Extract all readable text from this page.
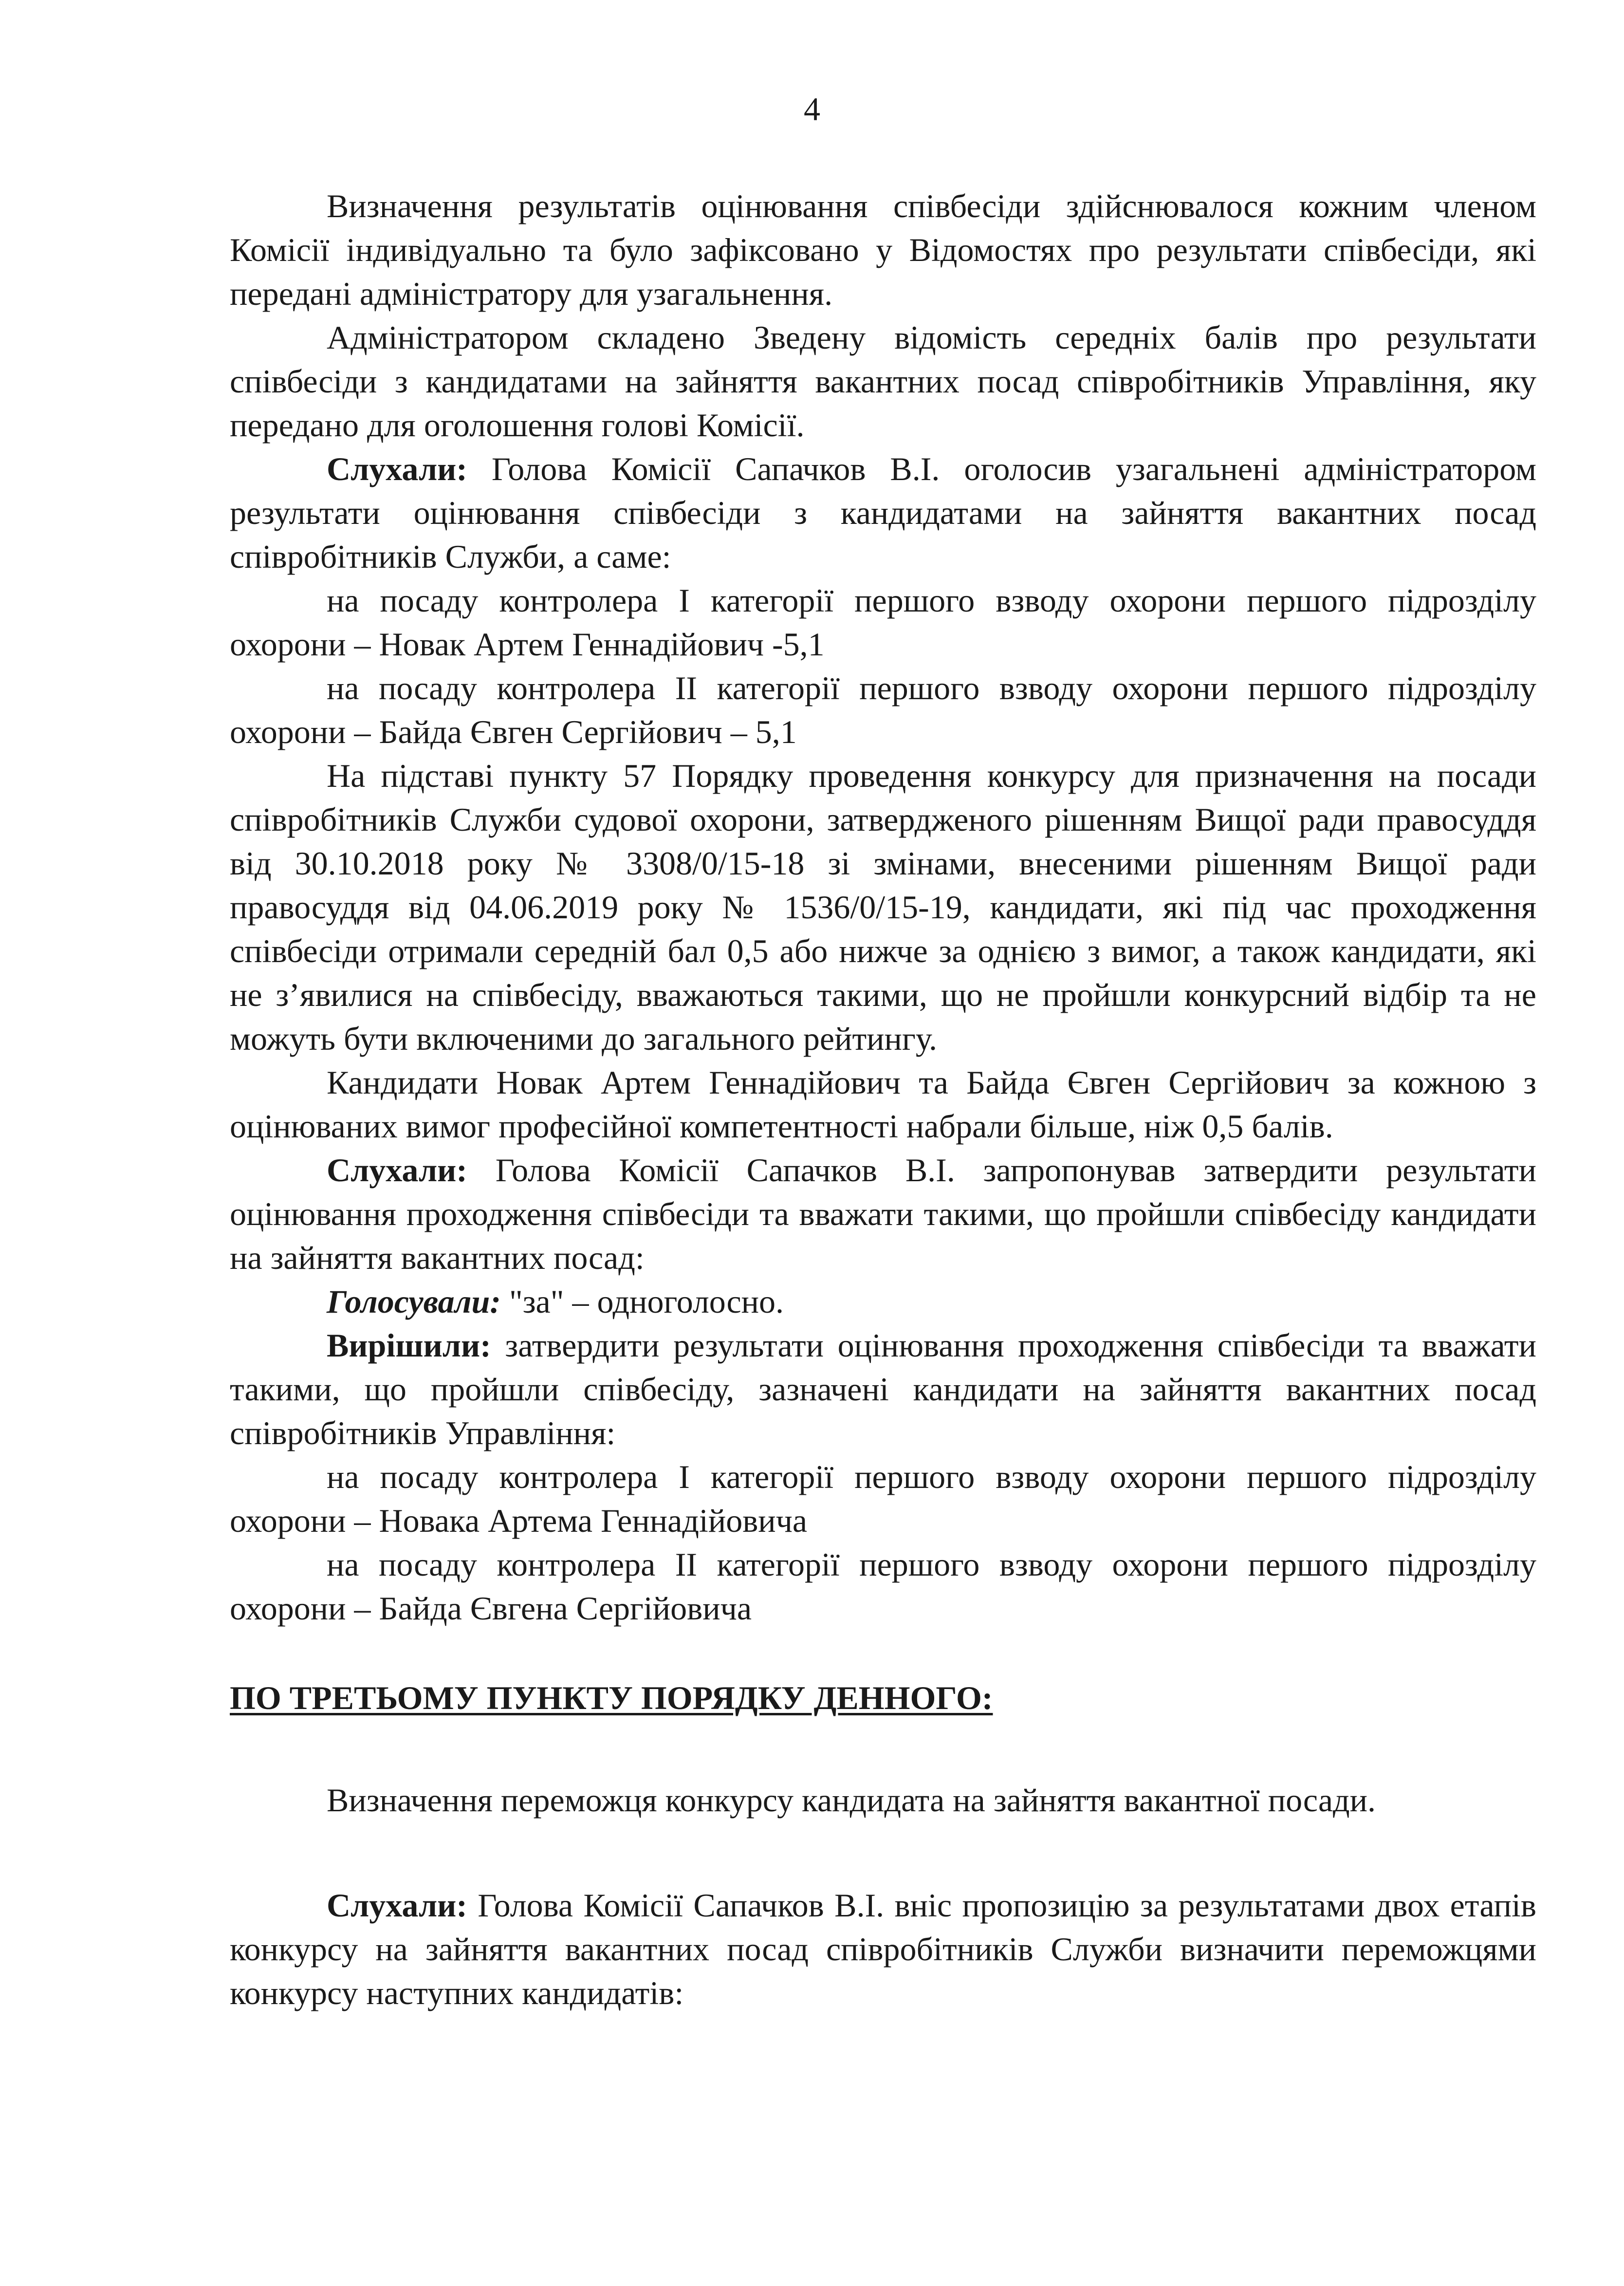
4

Визначення результатів оцінювання співбесіди здійснювалося кожним членом Комісії індивідуально та було зафіксовано у Відомостях про результати співбесіди, які передані адміністратору для узагальнення.

Адміністратором складено Зведену відомість середніх балів про результати співбесіди з кандидатами на зайняття вакантних посад співробітників Управління, яку передано для оголошення голові Комісії.

Слухали: Голова Комісії Сапачков В.І. оголосив узагальнені адміністратором результати оцінювання співбесіди з кандидатами на зайняття вакантних посад співробітників Служби, а саме:

на посаду контролера І категорії першого взводу охорони першого підрозділу охорони – Новак Артем Геннадійович -5,1

на посаду контролера ІІ категорії першого взводу охорони першого підрозділу охорони – Байда Євген Сергійович – 5,1

На підставі пункту 57 Порядку проведення конкурсу для призначення на посади співробітників Служби судової охорони, затвердженого рішенням Вищої ради правосуддя від 30.10.2018 року № 3308/0/15-18 зі змінами, внесеними рішенням Вищої ради правосуддя від 04.06.2019 року № 1536/0/15-19, кандидати, які під час проходження співбесіди отримали середній бал 0,5 або нижче за однією з вимог, а також кандидати, які не з’явилися на співбесіду, вважаються такими, що не пройшли конкурсний відбір та не можуть бути включеними до загального рейтингу.

Кандидати Новак Артем Геннадійович та Байда Євген Сергійович за кожною з оцінюваних вимог професійної компетентності набрали більше, ніж 0,5 балів.

Слухали: Голова Комісії Сапачков В.І. запропонував затвердити результати оцінювання проходження співбесіди та вважати такими, що пройшли співбесіду кандидати на зайняття вакантних посад:

Голосували: "за" – одноголосно.

Вирішили: затвердити результати оцінювання проходження співбесіди та вважати такими, що пройшли співбесіду, зазначені кандидати на зайняття вакантних посад співробітників Управління:

на посаду контролера І категорії першого взводу охорони першого підрозділу охорони – Новака Артема Геннадійовича

на посаду контролера ІІ категорії першого взводу охорони першого підрозділу охорони – Байда Євгена Сергійовича

ПО ТРЕТЬОМУ ПУНКТУ ПОРЯДКУ ДЕННОГО:

Визначення переможця конкурсу кандидата на зайняття вакантної посади.

Слухали: Голова Комісії Сапачков В.І. вніс пропозицію за результатами двох етапів конкурсу на зайняття вакантних посад співробітників Служби визначити переможцями конкурсу наступних кандидатів:
